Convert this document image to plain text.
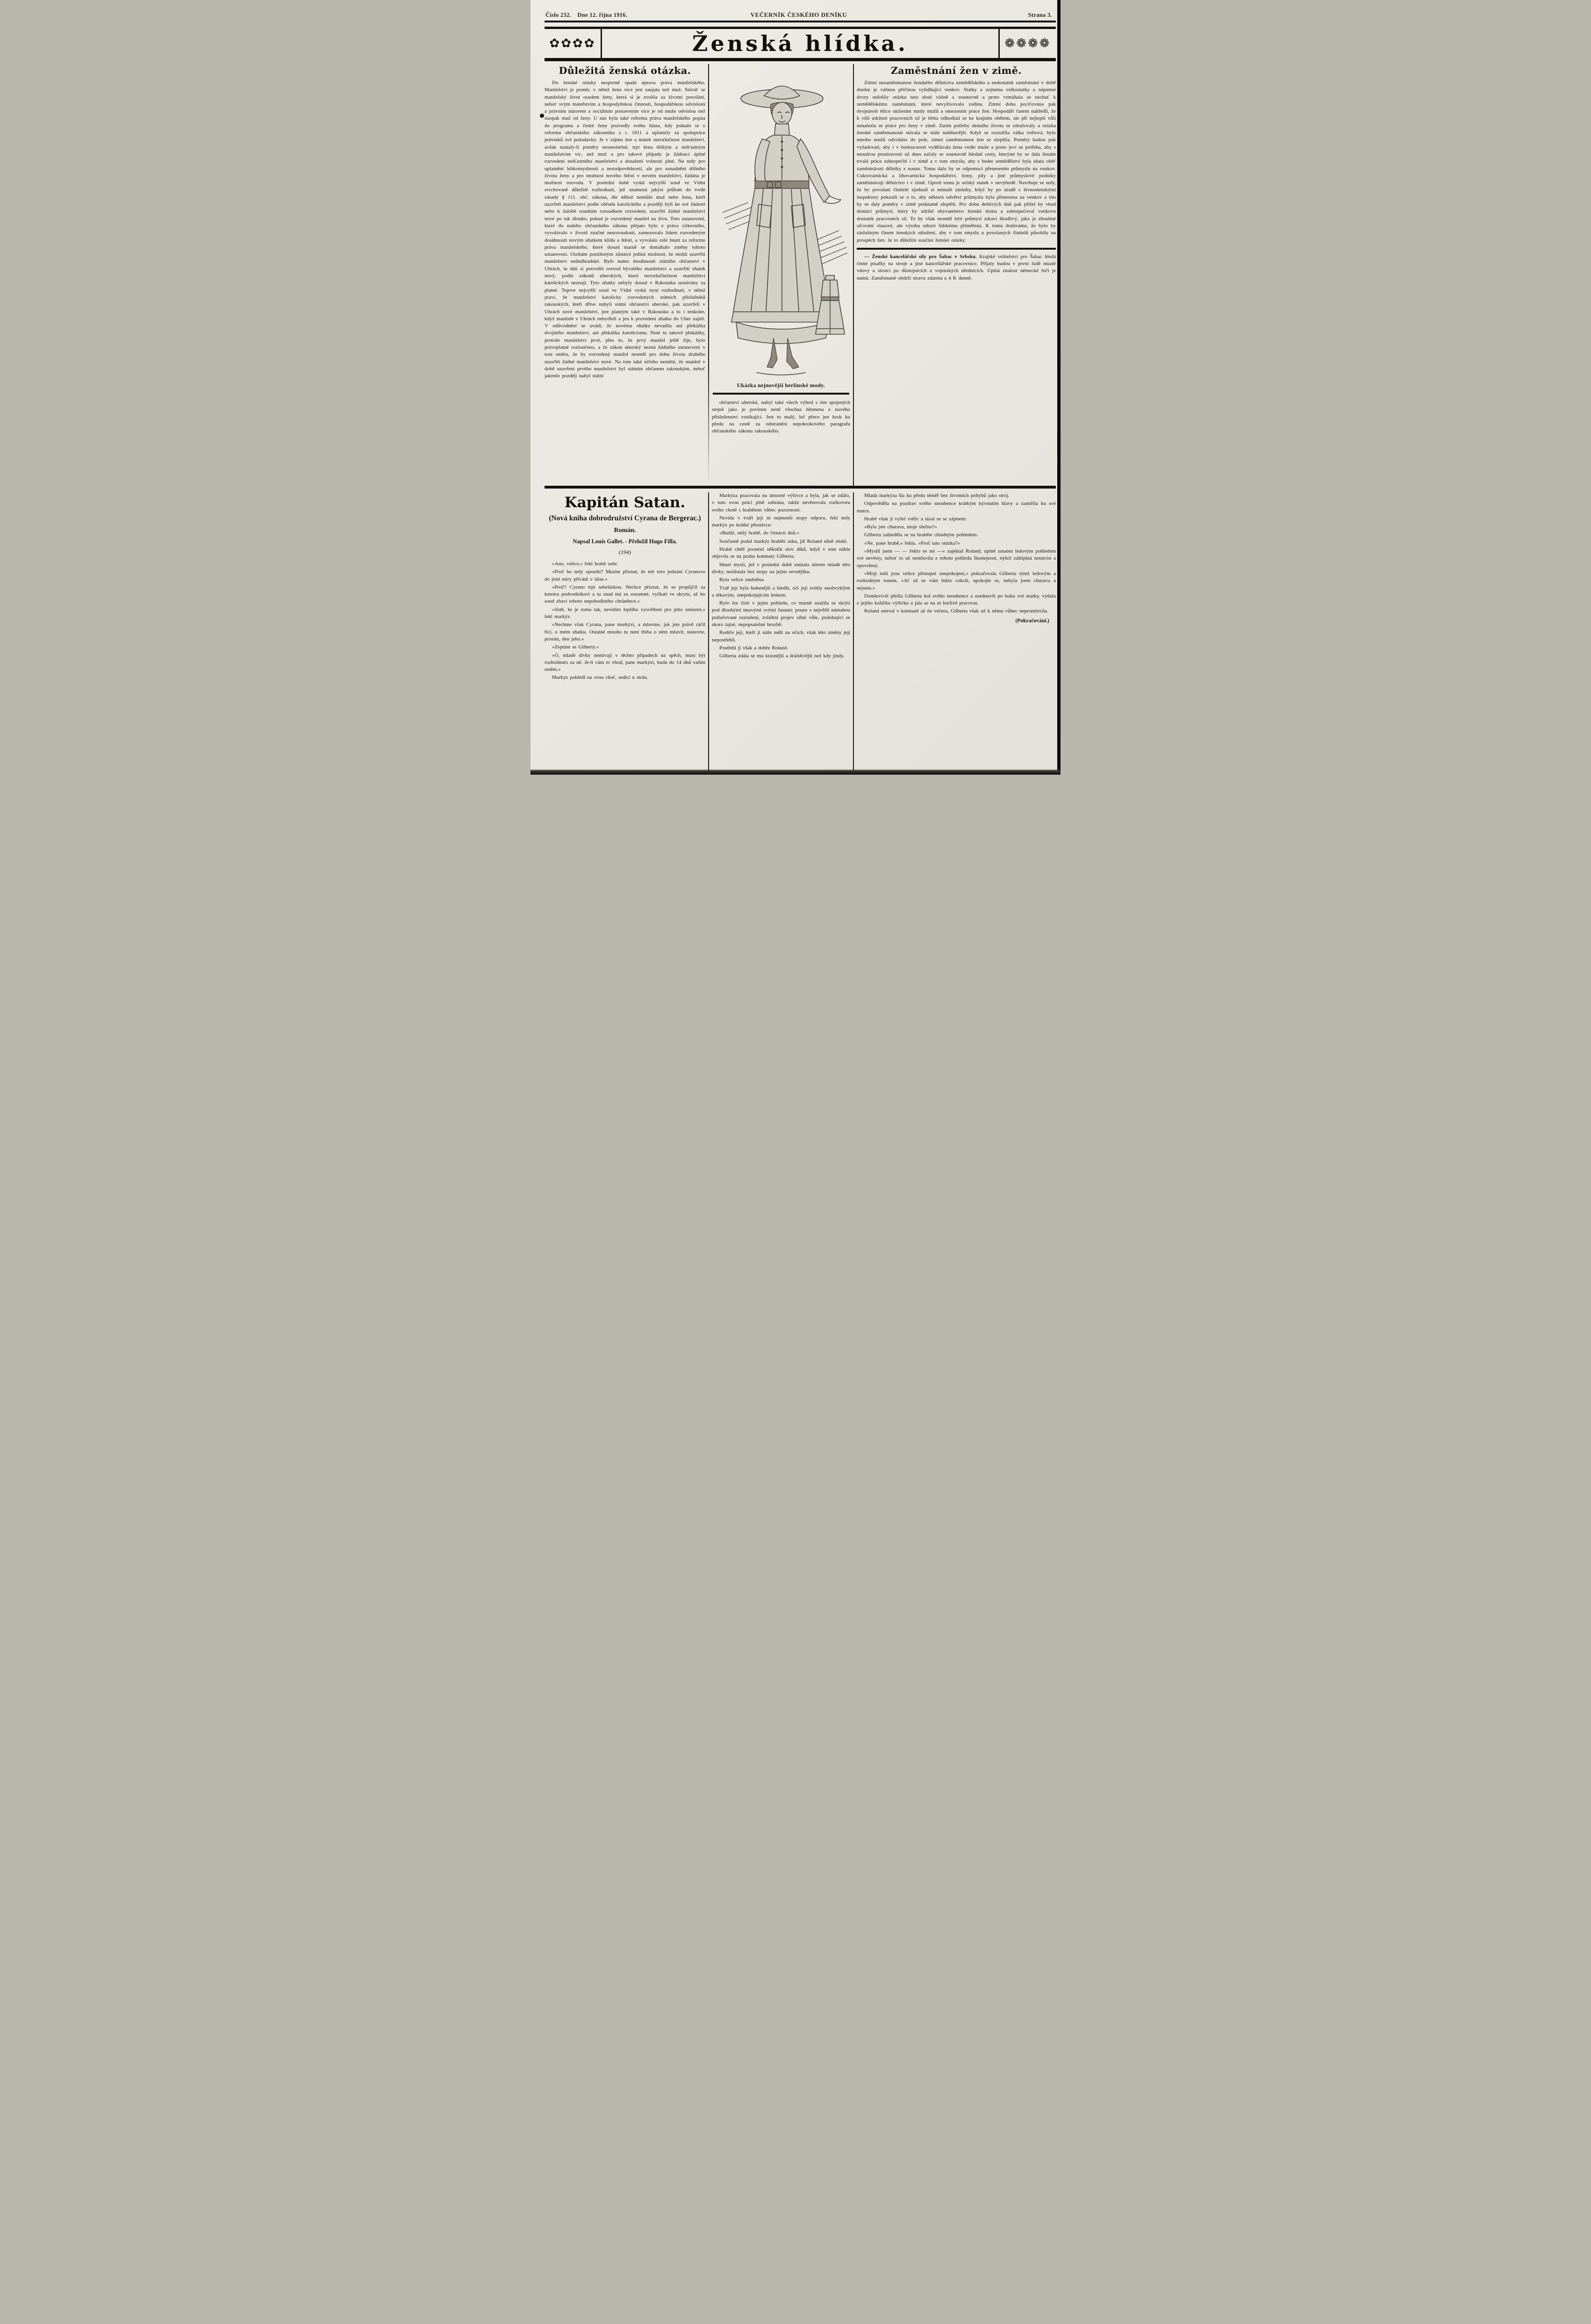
Číslo 232. Dne 12. října 1916.	VEČERNÍK ČESKÉHO DENÍKU	Strana 3.
✿✿✿✿	Ženská hlídka.	❁❁❁❁
Důležitá ženská otázka.

Do ženské otázky nesporně spadá úprava práva manželského. Manželství je poměr, v němž žena více jest zaujata než muž. Stáváť se manželský život osudem ženy, která si je zvolila za životní povolání, neboť svým mateřstvím a hospodyňskou činností, hospodářskou odvislostí a právním názorem a sociálním postavením více je od muže odvislou než naopak muž od ženy. U nás byla také reforma práva manželského pojata do programu a české ženy pozvedly svého hlasu, kdy jednalo se o reformu občanského zákonníku z r. 1811 a uplatnily za spolupráce právníků své požadavky. Je v zájmu žen a matek nerozlučnost manželství, avšak nastaly-li poměry nesnesitelné, trpí žena těžkým a nešťastným manželstvím víc, než muž a pro takové případy je žádoucí úplné rozvedení nešťastného manželství a dosažení volnosti plné. Ne tedy pro uplatnění lehkomyslnosti a nezodpovědnosti, ale pro usnadnění těžkého života ženy a pro možnost nového štěstí v novém manželství, žádána je možnost rozvodu. V poslední době vydal nejvyšší soud ve Vídni svrchovaně důležité rozhodnutí, jež znamená jakýsi průlom do tvrdé zásady § 111. obč. zákona, dle něhož nemůže muž nebo žena, kteří uzavřeli manželství podle obřadu katolického a později byli ke své žádosti nebo k žalobě soudním rozsudkem rozvedeni, uzavříti žádné manželství nové po tak dlouho, pokud je rozvedený manžel na živu. Toto ustanovení, které do našeho občanského zákona přejato bylo z práva církevního, vyvolávalo v životě značné nesrovnalosti, zamezovalo lidem rozvedeným dosáhnouti novým sňatkem klidu a štěstí, a vyvolalo celé hnutí za reformu práva manželského, které dosud marně se domáhalo změny tohoto ustanovení. Osobám postiženým zůstává jediná možnost, že mohli uzavříti manželství sedmihradské. Bylo nutno dosáhnouti státního občanství v Uhrách, tu dáti si potvrditi rozvod bývalého manželství a uzavříti sňatek nový, podle zákonů uherských, které nerozlučitelnost manželství katolických neznají. Tyto sňatky nebyly dosud v Rakousku uznávány za platné. Teprve nejvyšší soud ve Vídni vydal nyní rozhodnutí, v němž praví, že manželství katolicky rozvedených státních příslušníků rakouských, kteří dříve nabyli státní občanství uherské, pak uzavřeli v Uhrách nové manželství, jest platným také v Rakousku a to i tenkráte, když manželé v Uhrách nebydleli a jen k provedení sňatku do Uher zajeli. V odůvodnění se uvádí, že novému sňatku nevadila ani překážka dvojitého manželství, ani překážka katolicismu. Není tu takové překážky, protože manželství prvé, přes to, že prvý manžel ještě žije, bylo právoplatně rozloučeno, a že zákon uherský nezná žádného ustanovení v tom směru, že by rozvedený manžel nesměl pro dobu života druhého uzavříti žádné manželství nové. Na tom také ničeho nemění, že manžel v době uzavření prvého manželství byl státním občanem rakouským, neboť jakmile později nabyl státní

Ukázka nejnovější berlínské mody.

občanství uherské, nabyl také všech výhod s tím spojených stejně jako je povinen nésti všechna břemena z nového příslušenství vznikající. Jest to malý, leč přece jen krok ku předu na cestě za odstranění nepokrokového paragrafu občanského zákona rakouského.

Zaměstnání žen v zimě.

Zimní nezaměstnanost ženského dělnictva zemědělského a nedostatek zaměstnání v době dnešní je vážnou příčinou vylidňující venkov. Statky a zejména velkostatky a nájemné dvory neřešily otázku tuto dosti vážně a soustavně a proto vzmáhala se nechuť k zemědělskému zaměstnání, které nevyživovalo rodinu. Zimní doba pociťována pak dvojnásob těžce snížením mzdy mužů a omezením práce žen. Hospodáři časem nahlédli, že k vůli udržení pracovních sil je třeba odhodlati se ke krajním obětem, ale při nejlepší vůli nenalezla se práce pro ženy v zimě. Zatím potřeby denního života se zdražovaly a otázka ženské zaměstnanosti stávala se stále naléhavější. Když se rozzuřila válka světová, bylo mnoho mužů odvoláno do pole, zimní zaměstnanost žen se zlepšila. Poměry budou pak vyžadovati, aby i v budoucnosti vydělávala žena vedle muže a proto jeví se potřeba, aby s moudrou prozíravostí už dnes začaly se soustavně hledati cesty, kterými by se dala ženám trvalá práce zabezpečiti i v zimě a v tom smyslu, aby s beder zemědělství byla sňata oběť zaměstnávati dělníky z nouze. Tomu dalo by se odpomoci přenesením průmyslu na venkov. Cukrovarnická a lihovarnická hospodářství, lomy, pily a jiné průmyslové podniky zaměstnávají dělnictvo i v zimě. Oproti tomu je selský statek v nevýhodě. Navrhuje se tedy, že by povolaní činitelé zjednali si nemalé zásluhy, když by po úradě s živnostenskými inspektory pokusili se o to, aby některá odvětví průmyslu byla přenesena na venkov a tím by se daly poměry v zimě podstatně zlepšiti. Pro dobu deštivých dnů pak přišel by vhod domácí průmysl, který by udržel obyvatelstvo ženské doma a zabezpečoval venkovu dostatek pracovních sil. To by však nesměl býti průmysl zdraví škodlivý, jako je zhoubné síťování vlasové, ale výroba zdraví lidskému přiměřená. K tomu dodáváme, že bylo by záslužným činem ženských sdružení, aby v tom smyslu u povolaných činitelů působily na prospěch žen. Je to důležitá součást ženské otázky.

— Ženské kancelářské síly pro Šabac v Srbsku. Krajské velitelství pro Šabac hledá četné písařky na stroje a jiné kancellářské pracovnice. Přijaty budou v první řadě mladé vdovy a sirotci po důstojnících a vojenských úřednících. Úplná znalost německé řeči je nutná. Zaměstnané obdrží stravu zdarma a 4 K denně.

Kapitán Satan.
(Nová kniha dobrodružství Cyrana de Bergerac.)
Román.
Napsal Louis Gallet. - Přeložil Hugo Filla.
(194)

»Ano, velice,« řekl hrabě suše.

»Proč ho tedy opouští? Musím přiznat, že mě toto jednání Cyranovo do jisté míry přivádí v úžas.«

»Proč? Cyrano trpí sebeláskou. Nechce přiznat, že se propůjčil za kmotra podvodníkovi a tu snad má za rozumné, vyčkati ve skrytu, až ho soud zbaví tohoto nepohodlného chráněnce.«

»Jistě, že je tomu tak, nevidím lepšího vysvětlení pro jeho zmizení,« řekl markýz.

»Nechme však Cyrana, pane markýzi, a mluvme, jak jste právě ráčil říci, o mém sňatku. Ostatně mnoho tu není třeba o něm mluvit, stanovte, prosím, den jeho.«

»Zeptám se Gilberty.«

»Ó, mladé dívky nemívají v těchto případech na spěch, musí být rozhodnuto za ně. Je-li vám to vhod, pane markýzi, budu do 14 dnů vaším zetěm.«

Markýz pohlédl na svou choť, sedící u stolu.

Markýza pracovala na úmorné výšivce a byla, jak se zdálo, v tuto svou práci plně zabrána, takže nevěnovala rozhovoru svého chotě s hrabětem vůbec pozornosti.

Nevida v tváři její ni nejmenší stopy odporu, řekl tedy markýz po krátké přestávce:

»Budiž, milý hrabě, do čtrnácti dnů.«

Současně podal markýz hraběti ruku, již Roland silně stiskl.

Hrabě chtěl pronésti několik slov díků, když v tom náhle objevila se na prahu komnaty Gilberta.

Hnutí mysli, jež v poslední době zmítala nitrem mladé této dívky, nezůstala bez stopy na jejím zevnějšku.

Byla velice změněna.

Tvář její byla hubenější a bledší, oči její svítily neobvyklým a těkavým, znepokojujícím leskem.

Bylo lze čísti v jejím pohledu, co marně snažila se skrýti pod dlouhými tmavými svými řasami: pouze s největší námahou potlačované rozrušení, zvláštní projev silné vůle, podobající se skoro tajné, nepopsatelné hrozbě.

Rodiče její, kteří ji stále měli na očích, však této změny její nepostřehli.

Postřehl ji však a dobře Roland.

Gilberta zdála se mu krásnější a dráždivější než kdy jindy.

Mladá markýza šla ku předu téměř bez životních pohybů jako stroj.

Odpověděla na pozdrav svého snoubence krátkým kývnutím hlavy a zamířila ku své matce.

Hrabě však jí vyšel vstříc a tázal se se zájmem:

»Byla jste churava, moje slečno?«

Gilberta zahleděla se na hraběte chladným pohledem.

»Ne, pane hrabě,« řekla. »Proč tato otázka?«

»Myslil jsem — — řeklo se mi —« zajektal Roland, úplně zmaten ledovým pohledem své nevěsty, neboť to už nemluvila z tohoto pohledu lhostejnost, nýbrž záštiplná nenávist a opovržení.

»Moji milí jsou velice přístupni znepokojení,« pokračovala Gilberta týmž ledovým a rozhodným tonem. »Ať už se vám řeklo cokoli, upokojte se, nebyla jsem churava a nejsem.«

Domluvivši přešla Gilberta kol svého snoubence a usednuvši po boku své matky, vyňala z jejího košíčku výšivku a jala se na ní horlivě pracovat.

Roland setrval v komnatě až do večera, Gilberta však už k němu vůbec nepromluvila.

(Pokračování.)
